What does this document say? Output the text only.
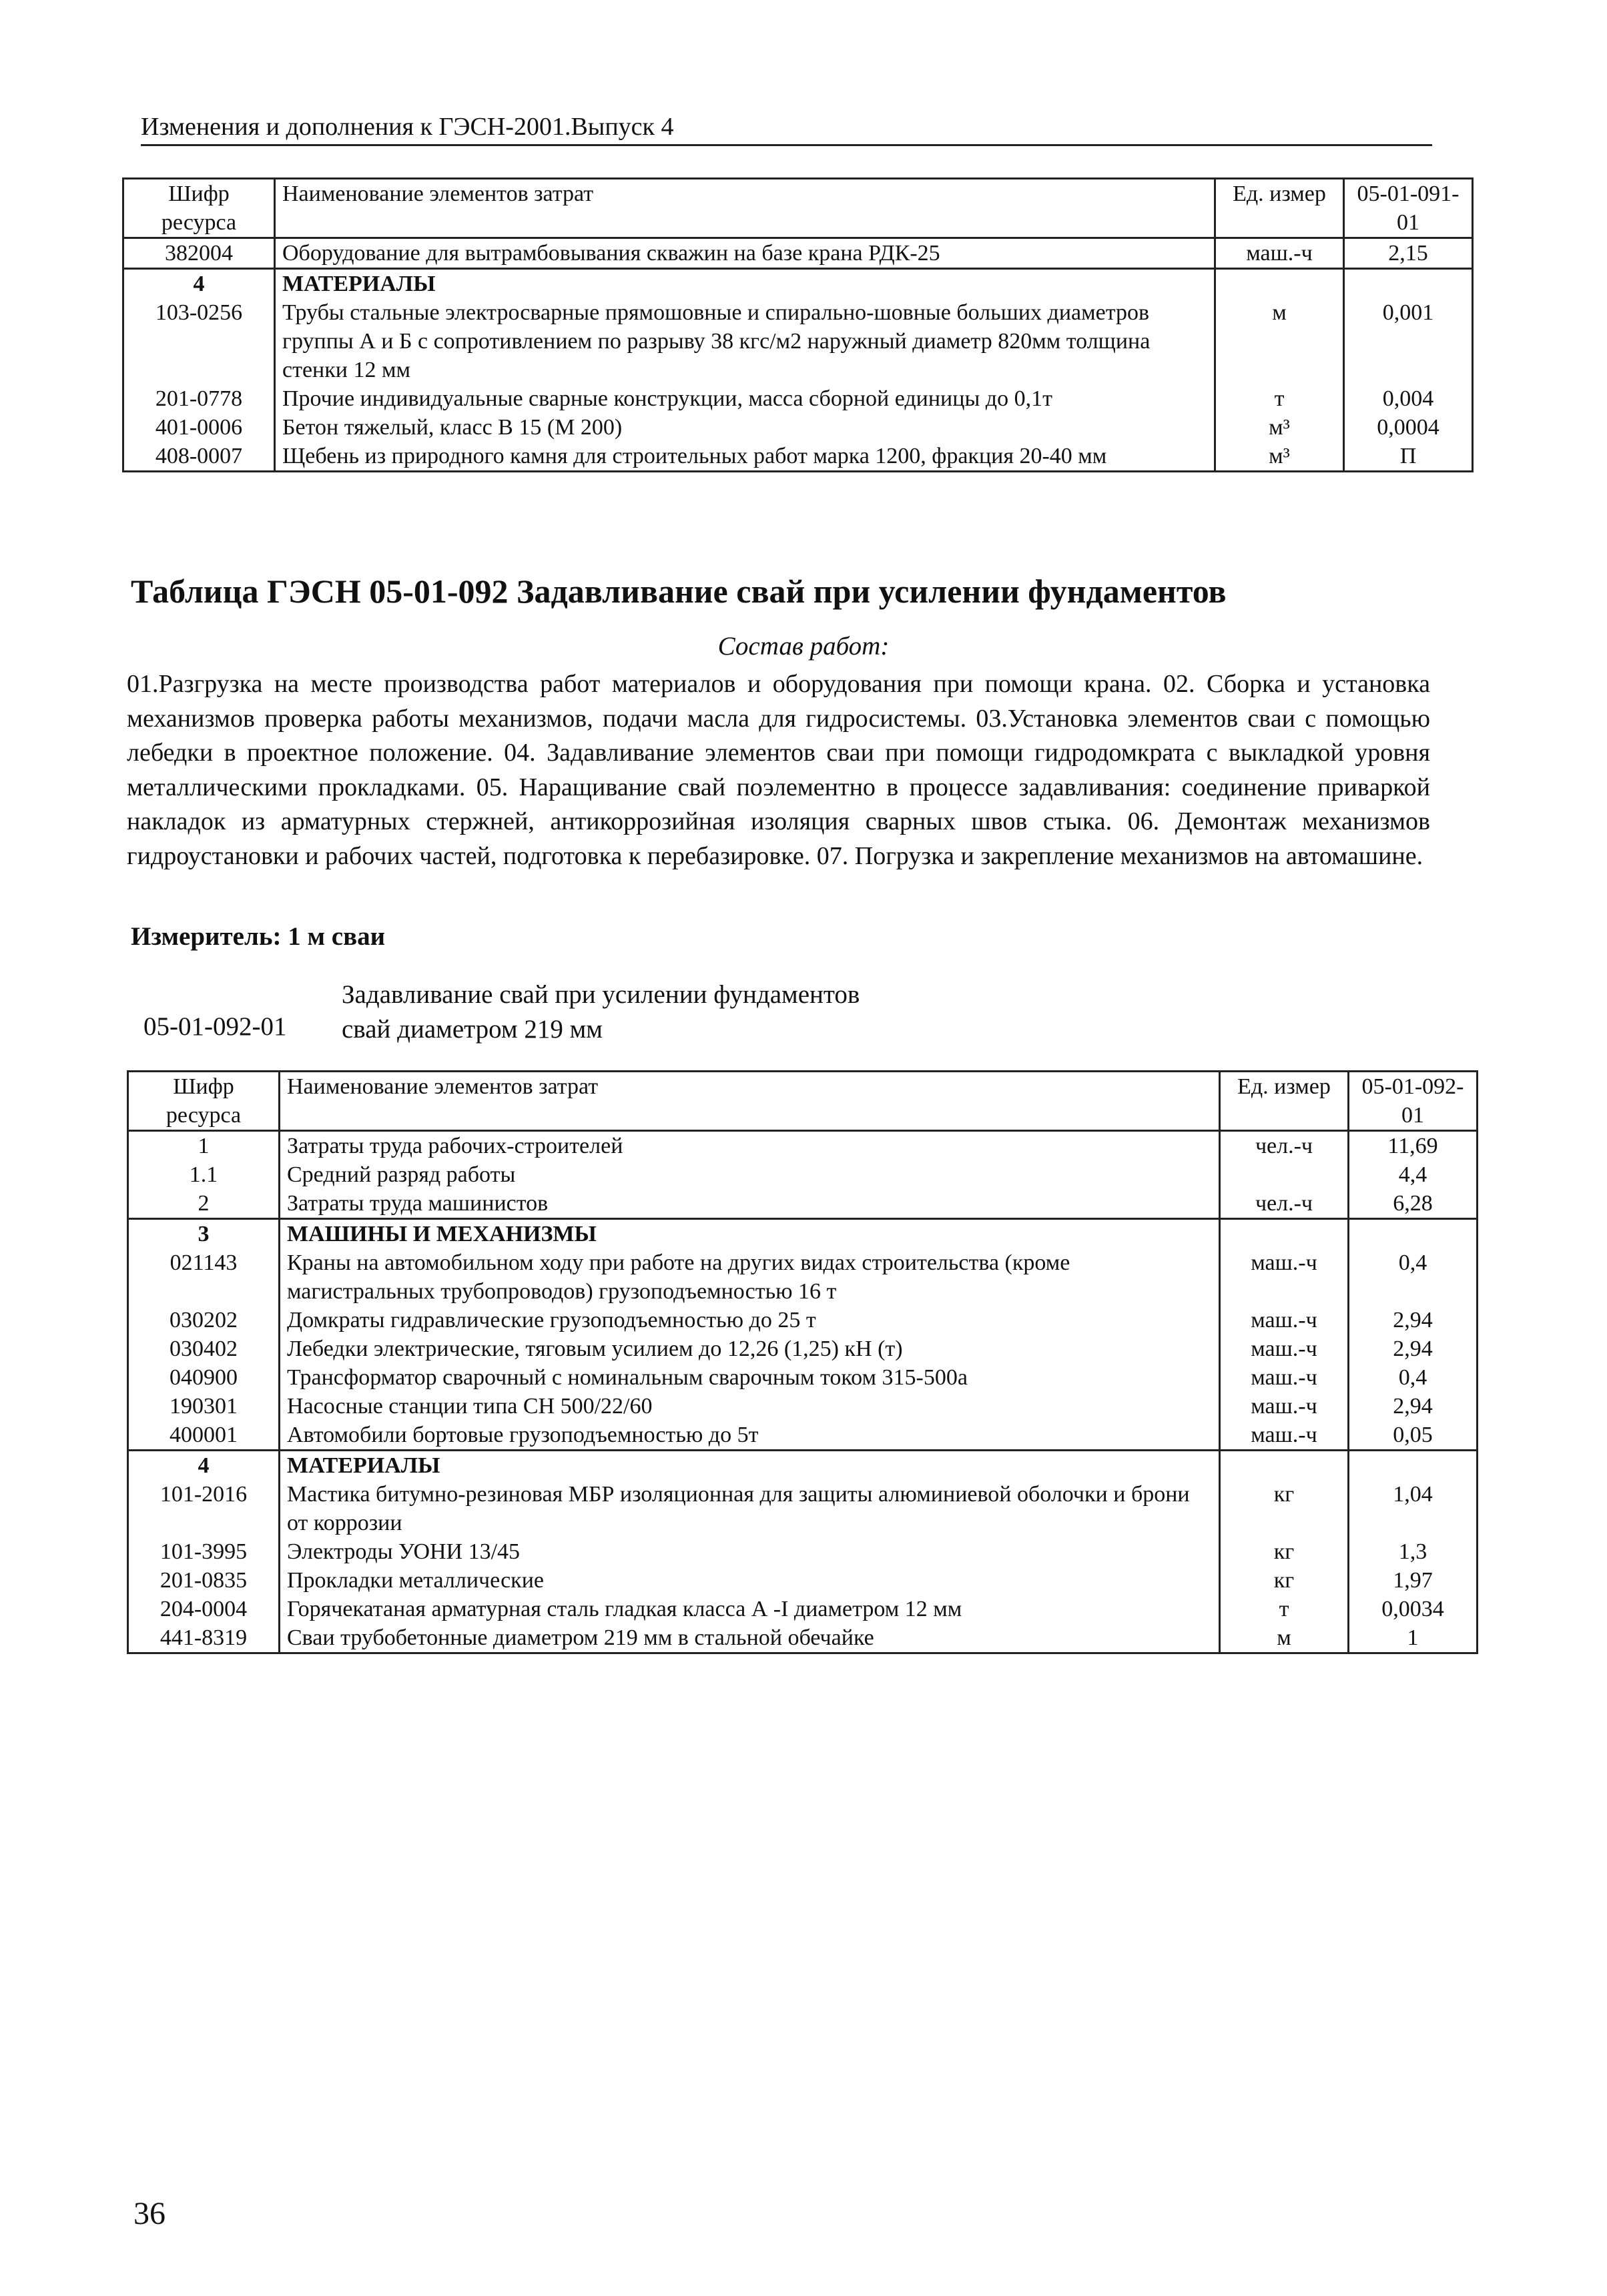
Изменения и дополнения к ГЭСН-2001.Выпуск 4
Шифр ресурса	Наименование элементов затрат	Ед. измер	05-01-091-01
382004	Оборудование для вытрамбовывания скважин на базе крана РДК-25	маш.-ч	2,15
4	МАТЕРИАЛЫ		
103-0256	Трубы стальные электросварные прямошовные и спирально-шовные больших диаметров группы А и Б с сопротивлением по разрыву 38 кгс/м2 наружный диаметр 820мм толщина стенки 12 мм	м	0,001
201-0778	Прочие индивидуальные сварные конструкции, масса сборной единицы до 0,1т	т	0,004
401-0006	Бетон тяжелый, класс В 15 (М 200)	м³	0,0004
408-0007	Щебень из природного камня для строительных работ марка 1200, фракция 20-40 мм	м³	П
Таблица ГЭСН 05-01-092 Задавливание свай при усилении фундаментов
Состав работ:
01.Разгрузка на месте производства работ материалов и оборудования при помощи крана. 02. Сборка и установка механизмов проверка работы механизмов, подачи масла для гидросистемы. 03.Установка элементов сваи с помощью лебедки в проектное положение. 04. Задавливание элементов сваи при помощи гидродомкрата с выкладкой уровня металлическими прокладками. 05. Наращивание свай поэлементно в процессе задавливания: соединение приваркой накладок из арматурных стержней, антикоррозийная изоляция сварных швов стыка. 06. Демонтаж механизмов гидроустановки и рабочих частей, подготовка к перебазировке. 07. Погрузка и закрепление механизмов на автомашине.
Измеритель: 1 м сваи
05-01-092-01
Задавливание свай при усилении фундаментов
свай диаметром 219 мм
Шифр ресурса	Наименование элементов затрат	Ед. измер	05-01-092-01
1	Затраты труда рабочих-строителей	чел.-ч	11,69
1.1	Средний разряд работы		4,4
2	Затраты труда машинистов	чел.-ч	6,28
3	МАШИНЫ И МЕХАНИЗМЫ		
021143	Краны на автомобильном ходу при работе на других видах строительства (кроме магистральных трубопроводов) грузоподъемностью 16 т	маш.-ч	0,4
030202	Домкраты гидравлические грузоподъемностью до 25 т	маш.-ч	2,94
030402	Лебедки электрические, тяговым усилием до 12,26 (1,25) кН (т)	маш.-ч	2,94
040900	Трансформатор сварочный с номинальным сварочным током 315-500а	маш.-ч	0,4
190301	Насосные станции типа СН 500/22/60	маш.-ч	2,94
400001	Автомобили бортовые грузоподъемностью до 5т	маш.-ч	0,05
4	МАТЕРИАЛЫ		
101-2016	Мастика битумно-резиновая МБР изоляционная для защиты алюминиевой оболочки и брони от коррозии	кг	1,04
101-3995	Электроды УОНИ 13/45	кг	1,3
201-0835	Прокладки металлические	кг	1,97
204-0004	Горячекатаная арматурная сталь гладкая класса А -I диаметром 12 мм	т	0,0034
441-8319	Сваи трубобетонные диаметром 219 мм в стальной обечайке	м	1
36
